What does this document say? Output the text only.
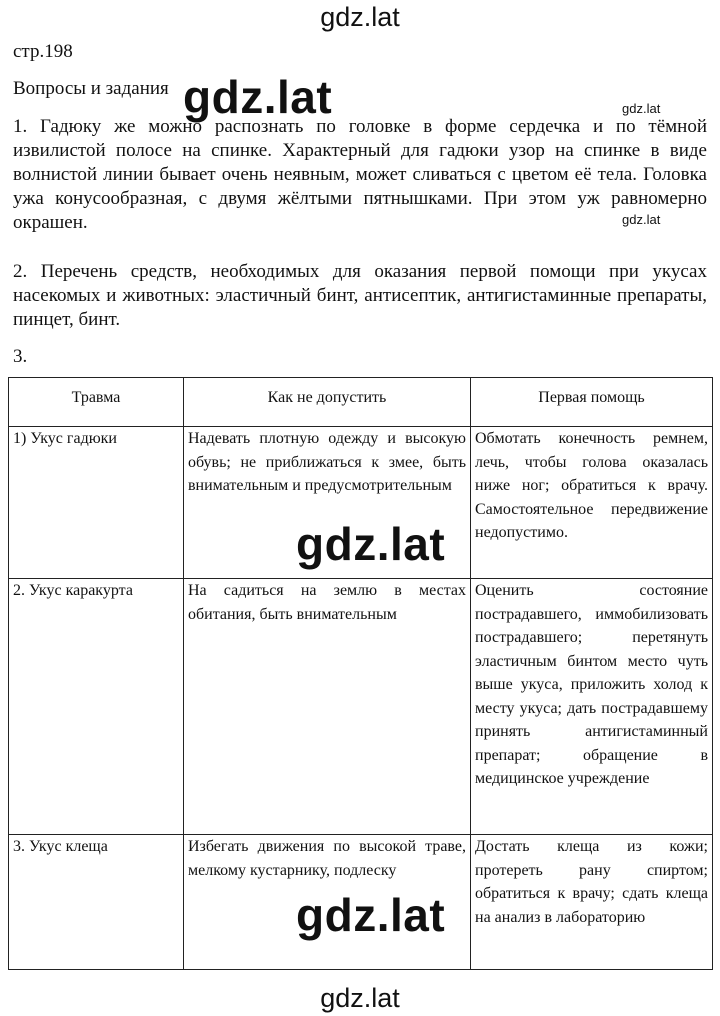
gdz.lat
стр.198
Вопросы и задания
1. Гадюку же можно распознать по головке в форме сердечка и по тёмной извилистой полосе на спинке. Характерный для гадюки узор на спинке в виде волнистой линии бывает очень неявным, может сливаться с цветом её тела. Головка ужа конусообразная, с двумя жёлтыми пятнышками. При этом уж равномерно окрашен.
2. Перечень средств, необходимых для оказания первой помощи при укусах насекомых и животных: эластичный бинт, антисептик, антигистаминные препараты, пинцет, бинт.
3.
Травма	Как не допустить	Первая помощь
1) Укус гадюки	Надевать плотную одежду и высокую обувь; не приближаться к змее, быть внимательным и предусмотрительным	Обмотать конечность ремнем, лечь, чтобы голова оказалась ниже ног; обратиться к врачу. Самостоятельное передвижение недопустимо.
2. Укус каракурта	На садиться на землю в местах обитания, быть внимательным	Оценить состояние пострадавшего, иммобилизовать пострадавшего; перетянуть эластичным бинтом место чуть выше укуса, приложить холод к месту укуса; дать пострадавшему принять антигистаминный препарат; обращение в медицинское учреждение
3. Укус клеща	Избегать движения по высокой траве, мелкому кустарнику, подлеску	Достать клеща из кожи; протереть рану спиртом; обратиться к врачу; сдать клеща на анализ в лабораторию
gdz.lat	gdz.lat
gdz.lat
gdz.lat
gdz.lat
gdz.lat
